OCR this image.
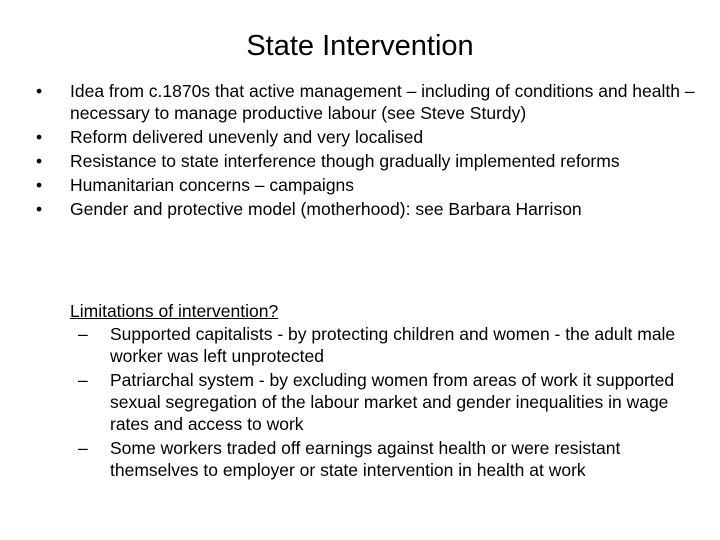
State Intervention
•	Idea from c.1870s that active management – including of conditions and health – necessary to manage productive labour (see Steve Sturdy)
•	Reform delivered unevenly and very localised
•	Resistance to state interference though gradually implemented reforms
•	Humanitarian concerns – campaigns
•	Gender and protective model (motherhood): see Barbara Harrison
Limitations of intervention?
–	Supported capitalists - by protecting children and women - the adult male worker was left unprotected
–	Patriarchal system - by excluding women from areas of work it supported sexual segregation of the labour market and gender inequalities in wage rates and access to work
–	Some workers traded off earnings against health or were resistant themselves to employer or state intervention in health at work
